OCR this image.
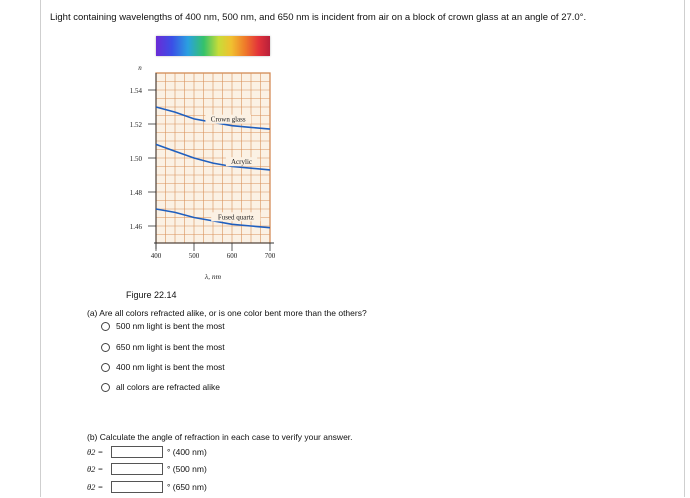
Light containing wavelengths of 400 nm, 500 nm, and 650 nm is incident from air on a block of crown glass at an angle of 27.0°.
1.54
1.52
1.50
1.48
1.46
400	500	600	700
n
λ, nm
Crown glass
Acrylic
Fused quartz
Figure 22.14
(a) Are all colors refracted alike, or is one color bent more than the others?
500 nm light is bent the most
650 nm light is bent the most
400 nm light is bent the most
all colors are refracted alike
(b) Calculate the angle of refraction in each case to verify your answer.
θ2 =	° (400 nm)
θ2 =	° (500 nm)
θ2 =	° (650 nm)
